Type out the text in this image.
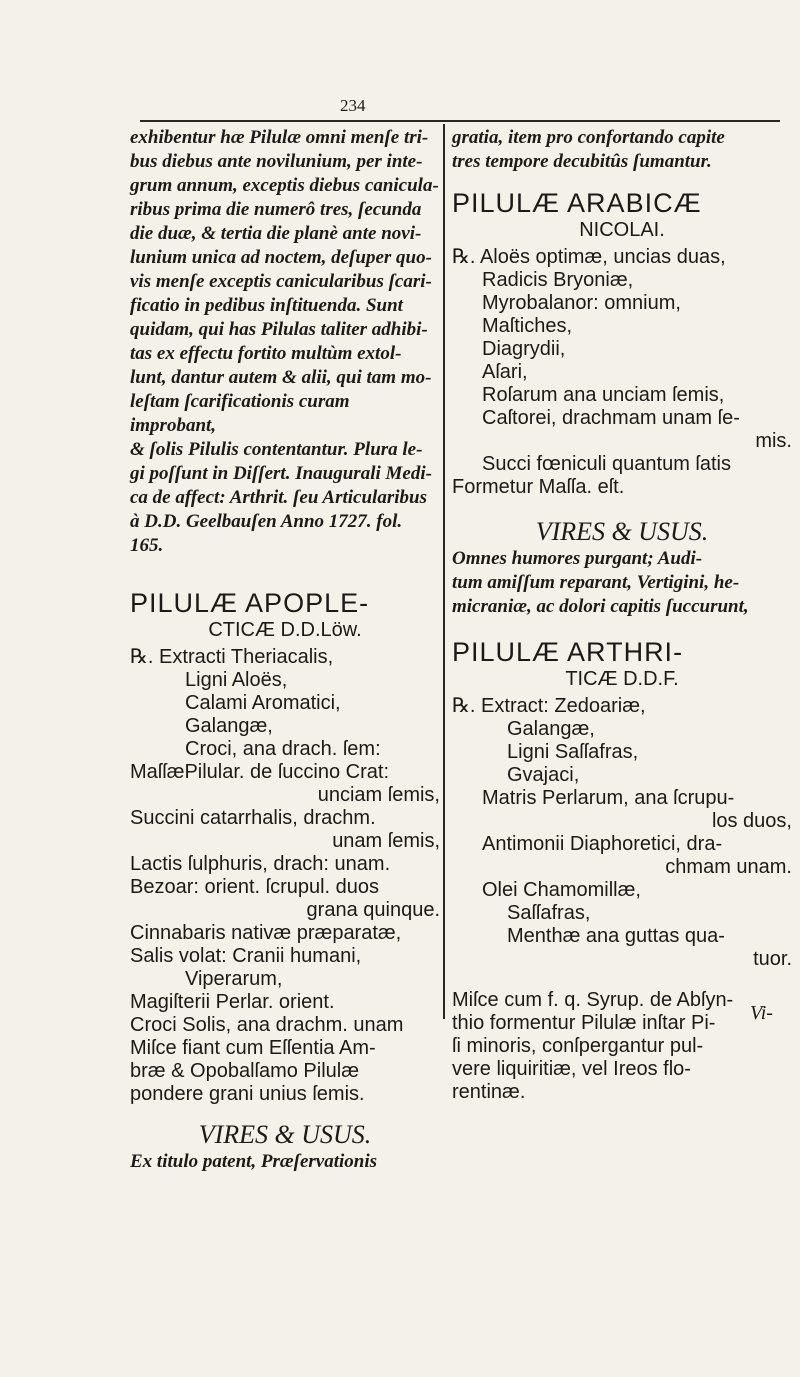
234

exhibentur hæ Pilulæ omni menſe tri-

bus diebus ante novilunium, per inte-

grum annum, exceptis diebus canicula-

ribus prima die numerô tres, ſecunda

die duæ, & tertia die planè ante novi-

lunium unica ad noctem, deſuper quo-

vis menſe exceptis canicularibus ſcari-

ficatio in pedibus inſtituenda. Sunt

quidam, qui has Pilulas taliter adhibi-

tas ex effectu fortito multùm extol-

lunt, dantur autem & alii, qui tam mo-

leſtam ſcarificationis curam improbant,

& ſolis Pilulis contentantur. Plura le-

gi poſſunt in Diſſert. Inaugurali Medi-

ca de affect: Arthrit. ſeu Articularibus

à D.D. Geelbauſen Anno 1727. fol.

165.

PILULÆ APOPLE-

CTICÆ D.D.Löw.

℞. Extracti Theriacalis,
Ligni Aloës,
Calami Aromatici,
Galangæ,
Croci, ana drach. ſem:
MaſſæPilular. de ſuccino Crat:
unciam ſemis,
Succini catarrhalis, drachm.
unam ſemis,
Lactis ſulphuris, drach: unam.
Bezoar: orient. ſcrupul. duos
grana quinque.
Cinnabaris nativæ præparatæ,
Salis volat: Cranii humani,
Viperarum,
Magiſterii Perlar. orient.
Croci Solis, ana drachm. unam
Miſce fiant cum Eſſentia Am-
bræ & Opobalſamo Pilulæ
pondere grani unius ſemis.

VIRES & USUS.

Ex titulo patent, Præſervationis

gratia, item pro confortando capite

tres tempore decubitûs ſumantur.

PILULÆ ARABICÆ

NICOLAI.

℞. Aloës optimæ, uncias duas,
Radicis Bryoniæ,
Myrobalanor: omnium,
Maſtiches,
Diagrydii,
Aſari,
Roſarum ana unciam ſemis,
Caſtorei, drachmam unam ſe-
mis.
Succi fœniculi quantum ſatis
Formetur Maſſa. eſt.

VIRES & USUS.

Omnes humores purgant; Audi-

tum amiſſum reparant, Vertigini, he-

micraniæ, ac dolori capitis ſuccurunt,

PILULÆ ARTHRI-

TICÆ D.D.F.

℞. Extract: Zedoariæ,
Galangæ,
Ligni Saſſafras,
Gvajaci,
Matris Perlarum, ana ſcrupu-
los duos,
Antimonii Diaphoretici, dra-
chmam unam.
Olei Chamomillæ,
Saſſafras,
Menthæ ana guttas qua-
tuor.

Miſce cum f. q. Syrup. de Abſyn-

thio formentur Pilulæ inſtar Pi-

ſi minoris, conſpergantur pul-

vere liquiritiæ, vel Ireos flo-

rentinæ.

Vi-
